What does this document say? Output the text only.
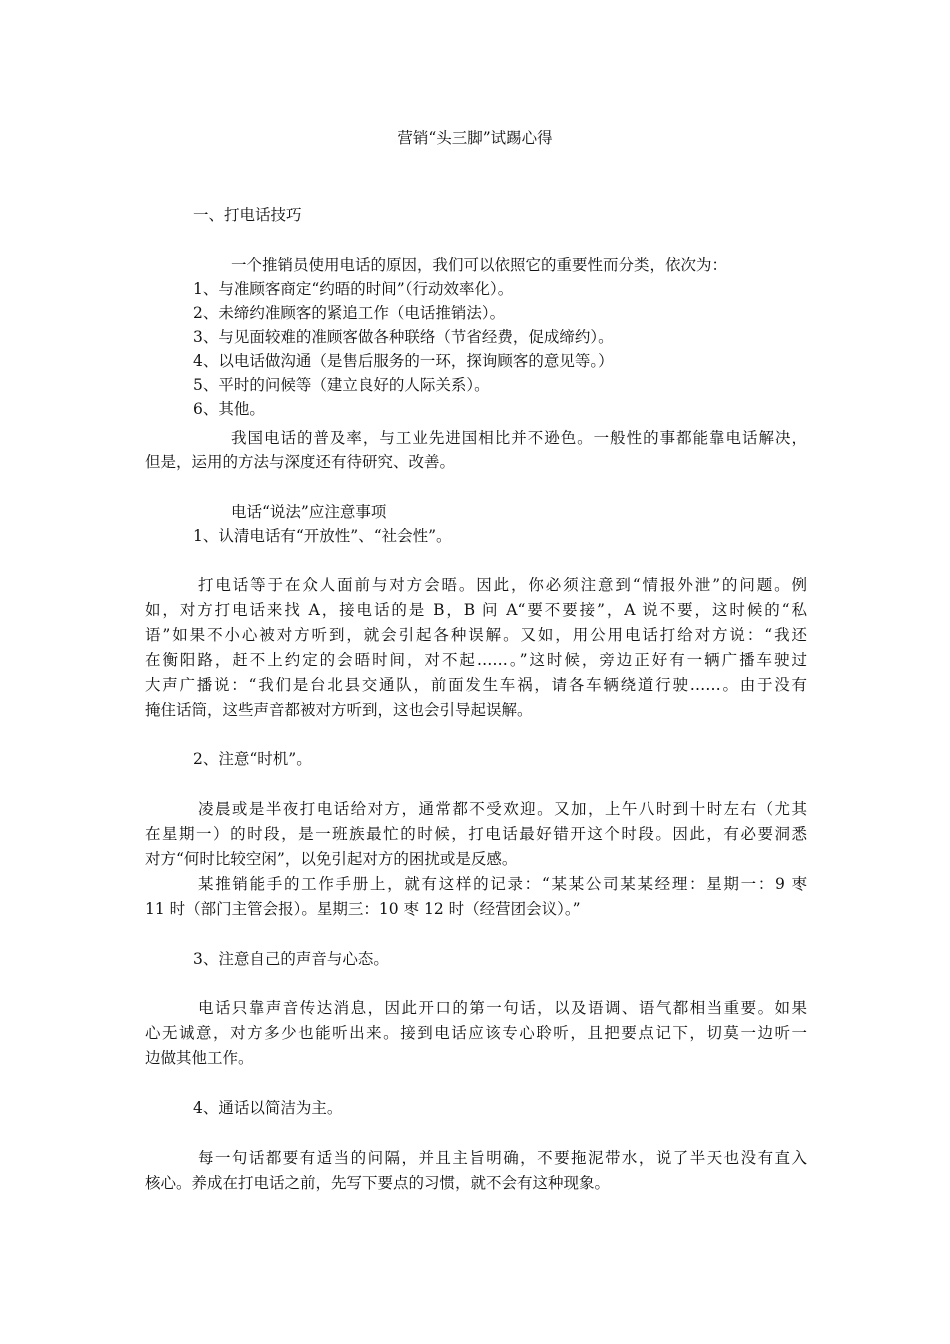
营销“头三脚”试踢心得
一、打电话技巧
一个推销员使用电话的原因，我们可以依照它的重要性而分类，依次为：
1、与准顾客商定“约晤的时间”（行动效率化）。
2、未缔约准顾客的紧追工作（电话推销法）。
3、与见面较难的准顾客做各种联络（节省经费，促成缔约）。
4、以电话做沟通（是售后服务的一环，探询顾客的意见等。）
5、平时的问候等（建立良好的人际关系）。
6、其他。
我国电话的普及率，与工业先进国相比并不逊色。一般性的事都能靠电话解决，
但是，运用的方法与深度还有待研究、改善。
电话“说法”应注意事项
1、认清电话有“开放性”、“社会性”。
打电话等于在众人面前与对方会晤。因此，你必须注意到“情报外泄”的问题。例
如，对方打电话来找 A，接电话的是 B，B 问 A“要不要接”，A 说不要，这时候的“私
语”如果不小心被对方听到，就会引起各种误解。又如，用公用电话打给对方说：“我还
在衡阳路，赶不上约定的会晤时间，对不起……。”这时候，旁边正好有一辆广播车驶过
大声广播说：“我们是台北县交通队，前面发生车祸，请各车辆绕道行驶……。由于没有
掩住话筒，这些声音都被对方听到，这也会引导起误解。
2、注意“时机”。
凌晨或是半夜打电话给对方，通常都不受欢迎。又加，上午八时到十时左右（尤其
在星期一）的时段，是一班族最忙的时候，打电话最好错开这个时段。因此，有必要洞悉
对方“何时比较空闲”，以免引起对方的困扰或是反感。
某推销能手的工作手册上，就有这样的记录：“某某公司某某经理：星期一：9 枣
11 时（部门主管会报）。星期三：10 枣 12 时（经营团会议）。”
3、注意自己的声音与心态。
电话只靠声音传达消息，因此开口的第一句话，以及语调、语气都相当重要。如果
心无诚意，对方多少也能听出来。接到电话应该专心聆听，且把要点记下，切莫一边听一
边做其他工作。
4、通话以简洁为主。
每一句话都要有适当的问隔，并且主旨明确，不要拖泥带水，说了半天也没有直入
核心。养成在打电话之前，先写下要点的习惯，就不会有这种现象。
